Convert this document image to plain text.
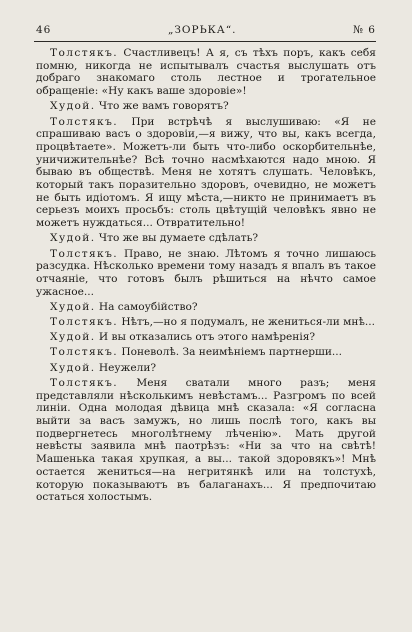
46	„ЗОРЬКА“.	№ 6

Толстякъ. Счастливецъ! А я, съ тѣхъ поръ, какъ себя помню, никогда не испытывалъ счастья выслушать отъ добраго знакомаго столь лестное и трогательное обращеніе: «Ну какъ ваше здоровіе»!

Худой. Что же вамъ говорятъ?

Толстякъ. При встрѣчѣ я выслушиваю: «Я не спрашиваю васъ о здоровіи,—я вижу, что вы, какъ всегда, процвѣтаете». Можетъ-ли быть что-либо оскорбительнѣе, уничижительнѣе? Всѣ точно насмѣхаются надо мною. Я бываю въ обществѣ. Меня не хотятъ слушать. Человѣкъ, который такъ поразительно здоровъ, очевидно, не можетъ не быть идіотомъ. Я ищу мѣста,—никто не принимаетъ въ серьезъ моихъ просьбъ: столь цвѣтущій человѣкъ явно не можетъ нуждаться... Отвратительно!

Худой. Что же вы думаете сдѣлать?

Толстякъ. Право, не знаю. Лѣтомъ я точно лишаюсь разсудка. Нѣсколько времени тому назадъ я впалъ въ такое отчаяніе, что готовъ былъ рѣшиться на нѣчто самое ужасное...

Худой. На самоубійство?

Толстякъ. Нѣтъ,—но я подумалъ, не жениться-ли мнѣ...

Худой. И вы отказались отъ этого намѣренія?

Толстякъ. Поневолѣ. За неимѣніемъ партнерши...

Худой. Неужели?

Толстякъ. Меня сватали много разъ; меня представляли нѣсколькимъ невѣстамъ... Разгромъ по всей линіи. Одна молодая дѣвица мнѣ сказала: «Я согласна выйти за васъ замужъ, но лишь послѣ того, какъ вы подвергнетесь многолѣтнему лѣченію». Мать другой невѣсты заявила мнѣ паотрѣзъ: «Ни за что на свѣтѣ! Машенька такая хрупкая, а вы... такой здоровякъ»! Мнѣ остается жениться—на негритянкѣ или на толстухѣ, которую показываютъ въ балаганахъ... Я предпочитаю остаться холостымъ.
